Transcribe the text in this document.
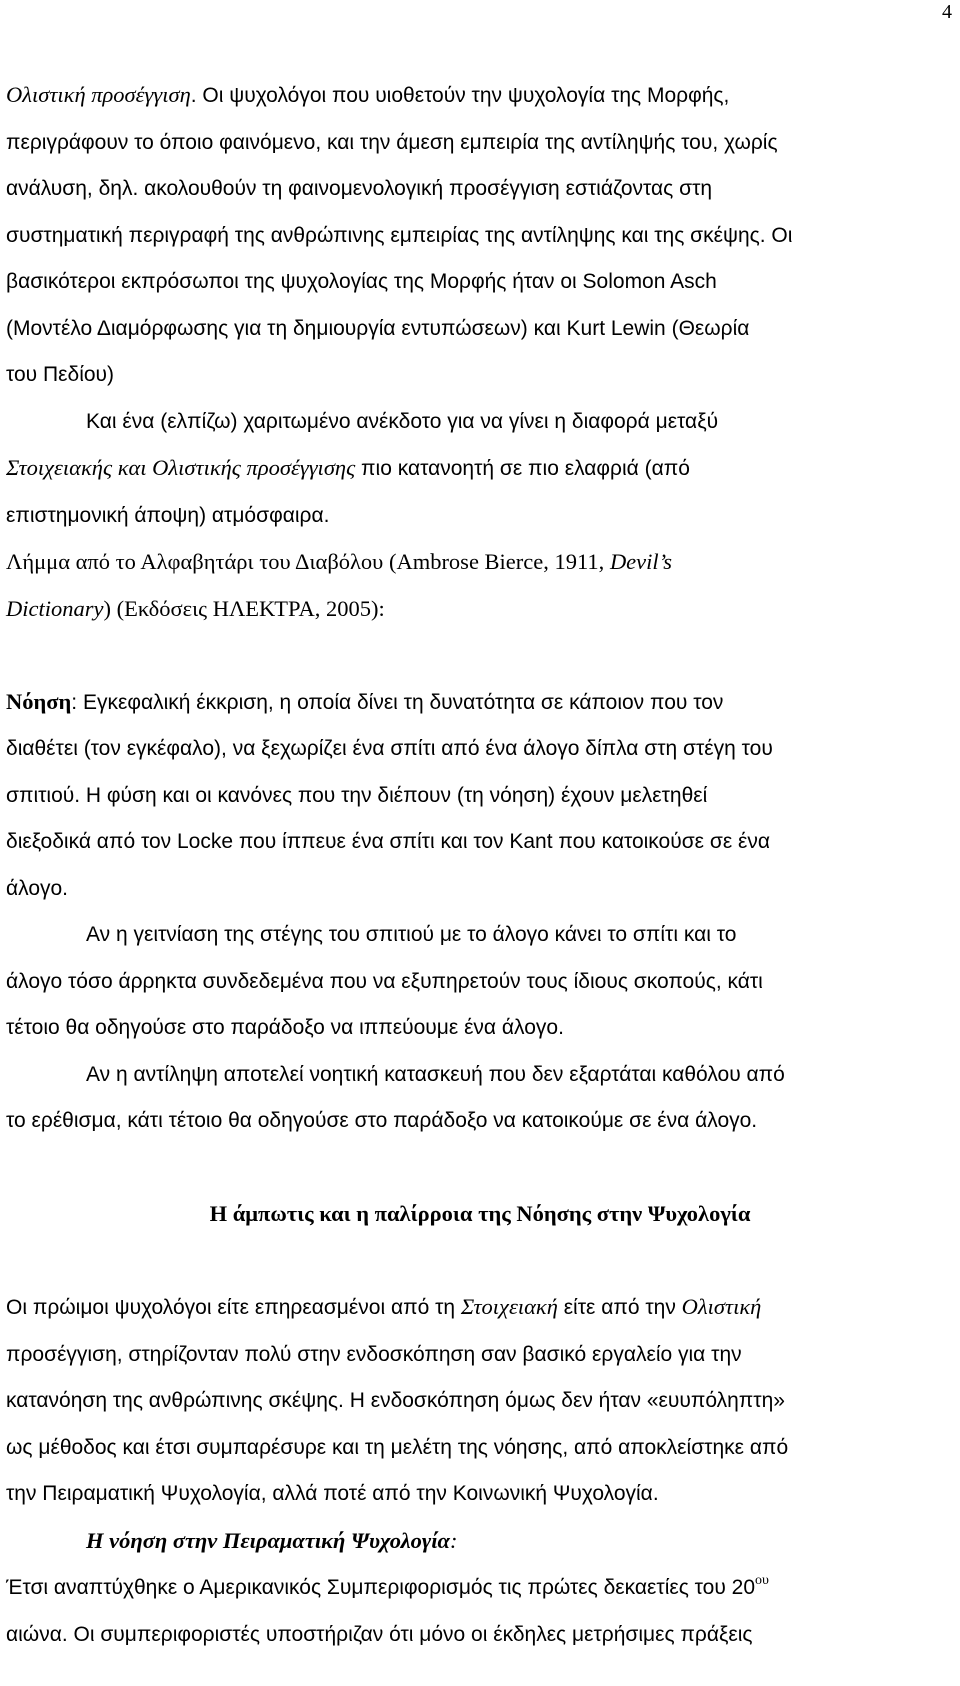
4

Ολιστική προσέγγιση. Οι ψυχολόγοι που υιοθετούν την ψυχολογία της Μορφής,

περιγράφουν το όποιο φαινόμενο, και την άμεση εμπειρία της αντίληψής του, χωρίς

ανάλυση, δηλ. ακολουθούν τη φαινομενολογική προσέγγιση εστιάζοντας στη

συστηματική περιγραφή της ανθρώπινης εμπειρίας της αντίληψης και της σκέψης. Οι

βασικότεροι εκπρόσωποι της ψυχολογίας της Μορφής ήταν οι Solomon Asch

(Μοντέλο Διαμόρφωσης για τη δημιουργία εντυπώσεων) και Kurt Lewin (Θεωρία

του Πεδίου)

Και ένα (ελπίζω) χαριτωμένο ανέκδοτο για να γίνει η διαφορά μεταξύ

Στοιχειακής και Ολιστικής προσέγγισης πιο κατανοητή σε πιο ελαφριά (από

επιστημονική άποψη) ατμόσφαιρα.

Λήμμα από το Αλφαβητάρι του Διαβόλου (Ambrose Bierce, 1911, Devil’s

Dictionary) (Εκδόσεις ΗΛΕΚΤΡΑ, 2005):

Νόηση: Εγκεφαλική έκκριση, η οποία δίνει τη δυνατότητα σε κάποιον που τον

διαθέτει (τον εγκέφαλο), να ξεχωρίζει ένα σπίτι από ένα άλογο δίπλα στη στέγη του

σπιτιού. Η φύση και οι κανόνες που την διέπουν (τη νόηση) έχουν μελετηθεί

διεξοδικά από τον Locke που ίππευε ένα σπίτι και τον Kant που κατοικούσε σε ένα

άλογο.

Αν η γειτνίαση της στέγης του σπιτιού με το άλογο κάνει το σπίτι και το

άλογο τόσο άρρηκτα συνδεδεμένα που να εξυπηρετούν τους ίδιους σκοπούς, κάτι

τέτοιο θα οδηγούσε στο παράδοξο να ιππεύουμε ένα άλογο.

Αν η αντίληψη αποτελεί νοητική κατασκευή που δεν εξαρτάται καθόλου από

το ερέθισμα, κάτι τέτοιο θα οδηγούσε στο παράδοξο να κατοικούμε σε ένα άλογο.

Η άμπωτις και η παλίρροια της Νόησης στην Ψυχολογία

Οι πρώιμοι ψυχολόγοι είτε επηρεασμένοι από τη Στοιχειακή είτε από την Ολιστική

προσέγγιση, στηρίζονταν πολύ στην ενδοσκόπηση σαν βασικό εργαλείο για την

κατανόηση της ανθρώπινης σκέψης. Η ενδοσκόπηση όμως δεν ήταν «ευυπόληπτη»

ως μέθοδος και έτσι συμπαρέσυρε και τη μελέτη της νόησης, από αποκλείστηκε από

την Πειραματική Ψυχολογία, αλλά ποτέ από την Κοινωνική Ψυχολογία.

Η νόηση στην Πειραματική Ψυχολογία:

Έτσι αναπτύχθηκε ο Αμερικανικός Συμπεριφορισμός τις πρώτες δεκαετίες του $20^{o\upsilon}$

αιώνα. Οι συμπεριφοριστές υποστήριζαν ότι μόνο οι έκδηλες μετρήσιμες πράξεις
